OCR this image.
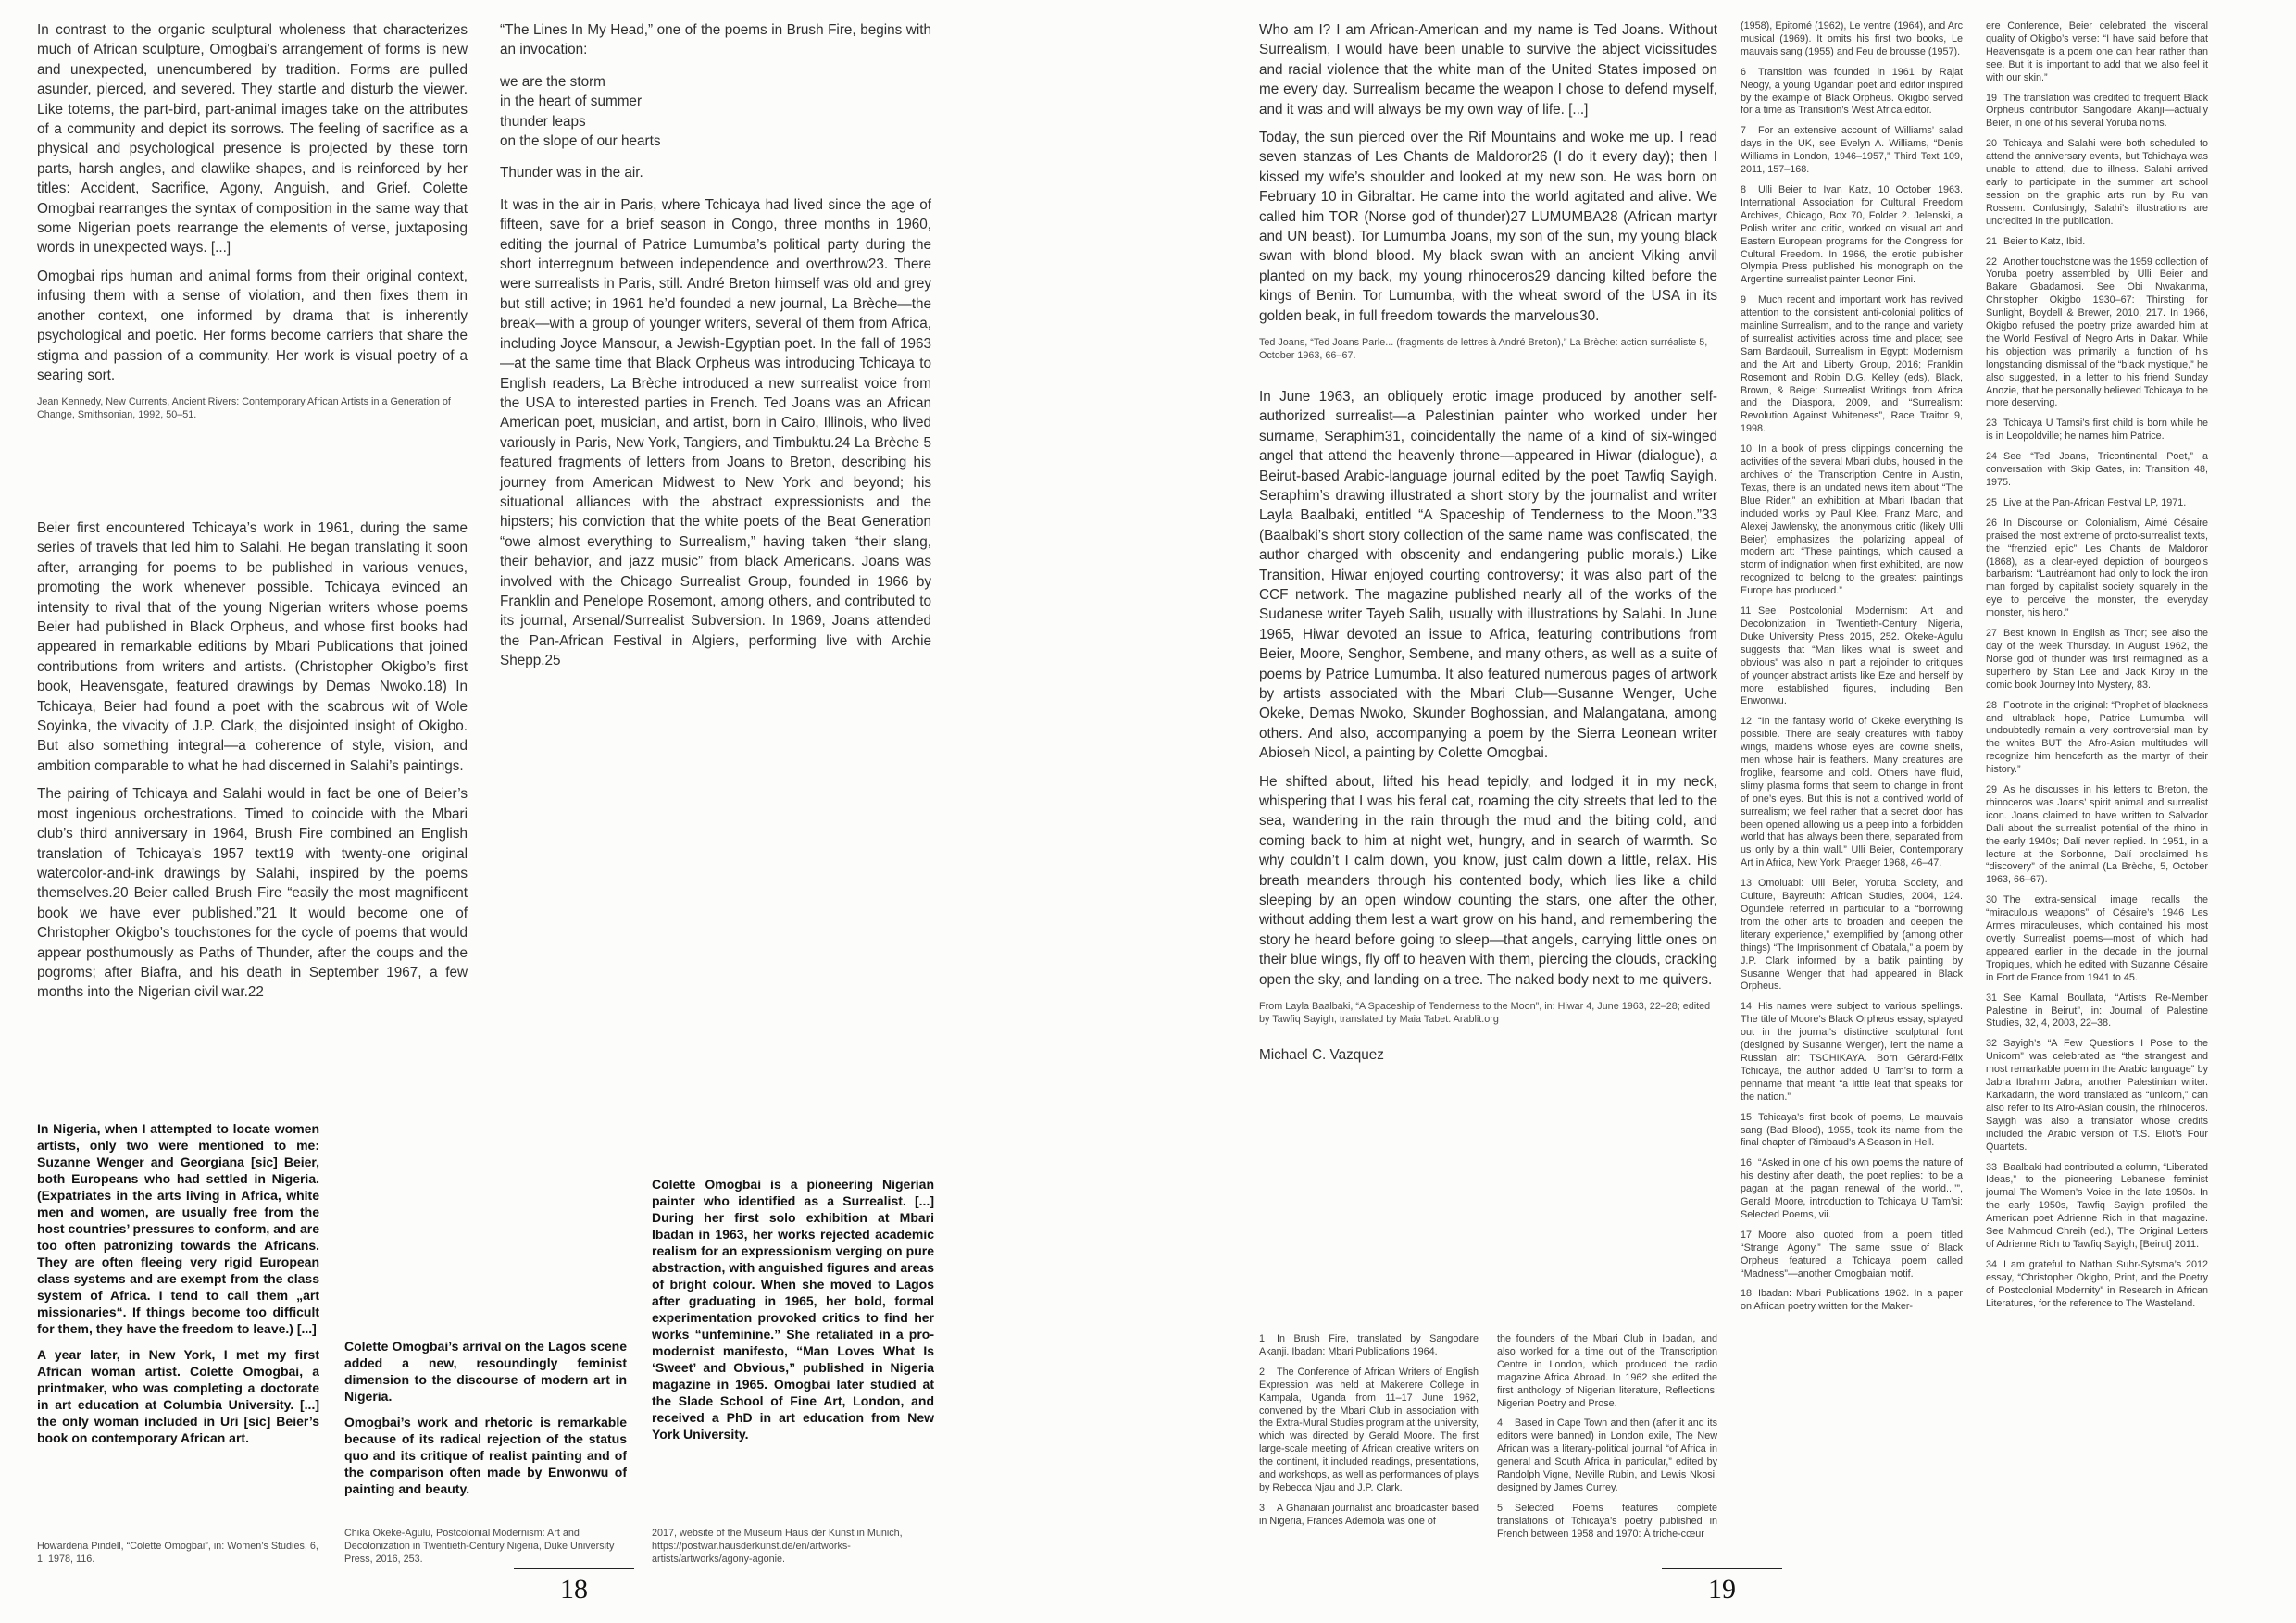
In contrast to the organic sculptural wholeness that characterizes much of African sculpture, Omogbai’s arrangement of forms is new and unexpected, unencumbered by tradition. Forms are pulled asunder, pierced, and severed. They startle and disturb the viewer. Like totems, the part-bird, part-animal images take on the attributes of a community and depict its sorrows. The feeling of sacrifice as a physical and psychological presence is projected by these torn parts, harsh angles, and clawlike shapes, and is reinforced by her titles: Accident, Sacrifice, Agony, Anguish, and Grief. Colette Omogbai rearranges the syntax of composition in the same way that some Nigerian poets rearrange the elements of verse, juxtaposing words in unexpected ways. [...]

Omogbai rips human and animal forms from their original context, infusing them with a sense of violation, and then fixes them in another context, one informed by drama that is inherently psychological and poetic. Her forms become carriers that share the stigma and passion of a community. Her work is visual poetry of a searing sort.

Jean Kennedy, New Currents, Ancient Rivers: Contemporary African Artists in a Generation of Change, Smithsonian, 1992, 50–51.

Beier first encountered Tchicaya’s work in 1961, during the same series of travels that led him to Salahi. He began translating it soon after, arranging for poems to be published in various venues, promoting the work whenever possible. Tchicaya evinced an intensity to rival that of the young Nigerian writers whose poems Beier had published in Black Orpheus, and whose first books had appeared in remarkable editions by Mbari Publications that joined contributions from writers and artists. (Christopher Okigbo’s first book, Heavensgate, featured drawings by Demas Nwoko.18) In Tchicaya, Beier had found a poet with the scabrous wit of Wole Soyinka, the vivacity of J.P. Clark, the disjointed insight of Okigbo. But also something integral—a coherence of style, vision, and ambition comparable to what he had discerned in Salahi’s paintings.

The pairing of Tchicaya and Salahi would in fact be one of Beier’s most ingenious orchestrations. Timed to coincide with the Mbari club’s third anniversary in 1964, Brush Fire combined an English translation of Tchicaya’s 1957 text19 with twenty-one original watercolor-and-ink drawings by Salahi, inspired by the poems themselves.20 Beier called Brush Fire “easily the most magnificent book we have ever published.”21 It would become one of Christopher Okigbo’s touchstones for the cycle of poems that would appear posthumously as Paths of Thunder, after the coups and the pogroms; after Biafra, and his death in September 1967, a few months into the Nigerian civil war.22

“The Lines In My Head,” one of the poems in Brush Fire, begins with an invocation:

we are the storm
in the heart of summer
thunder leaps
on the slope of our hearts

Thunder was in the air.

It was in the air in Paris, where Tchicaya had lived since the age of fifteen, save for a brief season in Congo, three months in 1960, editing the journal of Patrice Lumumba’s political party during the short interregnum between independence and overthrow23. There were surrealists in Paris, still. André Breton himself was old and grey but still active; in 1961 he’d founded a new journal, La Brèche—the break—with a group of younger writers, several of them from Africa, including Joyce Mansour, a Jewish-Egyptian poet. In the fall of 1963—at the same time that Black Orpheus was introducing Tchicaya to English readers, La Brèche introduced a new surrealist voice from the USA to interested parties in French. Ted Joans was an African American poet, musician, and artist, born in Cairo, Illinois, who lived variously in Paris, New York, Tangiers, and Timbuktu.24 La Brèche 5 featured fragments of letters from Joans to Breton, describing his journey from American Midwest to New York and beyond; his situational alliances with the abstract expressionists and the hipsters; his conviction that the white poets of the Beat Generation “owe almost everything to Surrealism,” having taken “their slang, their behavior, and jazz music” from black Americans. Joans was involved with the Chicago Surrealist Group, founded in 1966 by Franklin and Penelope Rosemont, among others, and contributed to its journal, Arsenal/Surrealist Subversion. In 1969, Joans attended the Pan-African Festival in Algiers, performing live with Archie Shepp.25

In Nigeria, when I attempted to locate women artists, only two were mentioned to me: Suzanne Wenger and Georgiana [sic] Beier, both Europeans who had settled in Nigeria. (Expatriates in the arts living in Africa, white men and women, are usually free from the host countries’ pressures to conform, and are too often patronizing towards the Africans. They are often fleeing very rigid European class systems and are exempt from the class system of Africa. I tend to call them „art missionaries“. If things become too difficult for them, they have the freedom to leave.) [...]

A year later, in New York, I met my first African woman artist. Colette Omogbai, a printmaker, who was completing a doctorate in art education at Columbia University. [...] the only woman included in Uri [sic] Beier’s book on contemporary African art.

Howardena Pindell, “Colette Omogbai”, in: Women’s Studies, 6, 1, 1978, 116.

Colette Omogbai’s arrival on the Lagos scene added a new, resoundingly feminist dimension to the discourse of modern art in Nigeria.

Omogbai’s work and rhetoric is remarkable because of its radical rejection of the status quo and its critique of realist painting and of the comparison often made by Enwonwu of painting and beauty.

Chika Okeke-Agulu, Postcolonial Modernism: Art and Decolonization in Twentieth-Century Nigeria, Duke University Press, 2016, 253.

Colette Omogbai is a pioneering Nigerian painter who identified as a Surrealist. [...] During her first solo exhibition at Mbari Ibadan in 1963, her works rejected academic realism for an expressionism verging on pure abstraction, with anguished figures and areas of bright colour. When she moved to Lagos after graduating in 1965, her bold, formal experimentation provoked critics to find her works “unfeminine.” She retaliated in a pro-modernist manifesto, “Man Loves What Is ‘Sweet’ and Obvious,” published in Nigeria magazine in 1965. Omogbai later studied at the Slade School of Fine Art, London, and received a PhD in art education from New York University.

2017, website of the Museum Haus der Kunst in Munich, https://postwar.hausderkunst.de/en/artworks-artists/artworks/agony-agonie.

18

Who am I? I am African-American and my name is Ted Joans. Without Surrealism, I would have been unable to survive the abject vicissitudes and racial violence that the white man of the United States imposed on me every day. Surrealism became the weapon I chose to defend myself, and it was and will always be my own way of life. [...]

Today, the sun pierced over the Rif Mountains and woke me up. I read seven stanzas of Les Chants de Maldoror26 (I do it every day); then I kissed my wife’s shoulder and looked at my new son. He was born on February 10 in Gibraltar. He came into the world agitated and alive. We called him TOR (Norse god of thunder)27 LUMUMBA28 (African martyr and UN beast). Tor Lumumba Joans, my son of the sun, my young black swan with blond blood. My black swan with an ancient Viking anvil planted on my back, my young rhinoceros29 dancing kilted before the kings of Benin. Tor Lumumba, with the wheat sword of the USA in its golden beak, in full freedom towards the marvelous30.

Ted Joans, “Ted Joans Parle... (fragments de lettres à André Breton),” La Brèche: action surréaliste 5, October 1963, 66–67.

In June 1963, an obliquely erotic image produced by another self-authorized surrealist—a Palestinian painter who worked under her surname, Seraphim31, coincidentally the name of a kind of six-winged angel that attend the heavenly throne—appeared in Hiwar (dialogue), a Beirut-based Arabic-language journal edited by the poet Tawfiq Sayigh. Seraphim’s drawing illustrated a short story by the journalist and writer Layla Baalbaki, entitled “A Spaceship of Tenderness to the Moon.”33 (Baalbaki’s short story collection of the same name was confiscated, the author charged with obscenity and endangering public morals.) Like Transition, Hiwar enjoyed courting controversy; it was also part of the CCF network. The magazine published nearly all of the works of the Sudanese writer Tayeb Salih, usually with illustrations by Salahi. In June 1965, Hiwar devoted an issue to Africa, featuring contributions from Beier, Moore, Senghor, Sembene, and many others, as well as a suite of poems by Patrice Lumumba. It also featured numerous pages of artwork by artists associated with the Mbari Club—Susanne Wenger, Uche Okeke, Demas Nwoko, Skunder Boghossian, and Malangatana, among others. And also, accompanying a poem by the Sierra Leonean writer Abioseh Nicol, a painting by Colette Omogbai.

He shifted about, lifted his head tepidly, and lodged it in my neck, whispering that I was his feral cat, roaming the city streets that led to the sea, wandering in the rain through the mud and the biting cold, and coming back to him at night wet, hungry, and in search of warmth. So why couldn’t I calm down, you know, just calm down a little, relax. His breath meanders through his contented body, which lies like a child sleeping by an open window counting the stars, one after the other, without adding them lest a wart grow on his hand, and remembering the story he heard before going to sleep—that angels, carrying little ones on their blue wings, fly off to heaven with them, piercing the clouds, cracking open the sky, and landing on a tree. The naked body next to me quivers.

From Layla Baalbaki, “A Spaceship of Tenderness to the Moon”, in: Hiwar 4, June 1963, 22–28; edited by Tawfiq Sayigh, translated by Maia Tabet. Arablit.org

Michael C. Vazquez

1 In Brush Fire, translated by Sangodare Akanji. Ibadan: Mbari Publications 1964.

2 The Conference of African Writers of English Expression was held at Makerere College in Kampala, Uganda from 11–17 June 1962, convened by the Mbari Club in association with the Extra-Mural Studies program at the university, which was directed by Gerald Moore. The first large-scale meeting of African creative writers on the continent, it included readings, presentations, and workshops, as well as performances of plays by Rebecca Njau and J.P. Clark.

3 A Ghanaian journalist and broadcaster based in Nigeria, Frances Ademola was one of

the founders of the Mbari Club in Ibadan, and also worked for a time out of the Transcription Centre in London, which produced the radio magazine Africa Abroad. In 1962 she edited the first anthology of Nigerian literature, Reflections: Nigerian Poetry and Prose.

4 Based in Cape Town and then (after it and its editors were banned) in London exile, The New African was a literary-political journal “of Africa in general and South Africa in particular,” edited by Randolph Vigne, Neville Rubin, and Lewis Nkosi, designed by James Currey.

5 Selected Poems features complete translations of Tchicaya’s poetry published in French between 1958 and 1970: À triche-cœur

(1958), Epitomé (1962), Le ventre (1964), and Arc musical (1969). It omits his first two books, Le mauvais sang (1955) and Feu de brousse (1957).

6 Transition was founded in 1961 by Rajat Neogy, a young Ugandan poet and editor inspired by the example of Black Orpheus. Okigbo served for a time as Transition’s West Africa editor.

7 For an extensive account of Williams’ salad days in the UK, see Evelyn A. Williams, “Denis Williams in London, 1946–1957,” Third Text 109, 2011, 157–168.

8 Ulli Beier to Ivan Katz, 10 October 1963. International Association for Cultural Freedom Archives, Chicago, Box 70, Folder 2. Jelenski, a Polish writer and critic, worked on visual art and Eastern European programs for the Congress for Cultural Freedom. In 1966, the erotic publisher Olympia Press published his monograph on the Argentine surrealist painter Leonor Fini.

9 Much recent and important work has revived attention to the consistent anti-colonial politics of mainline Surrealism, and to the range and variety of surrealist activities across time and place; see Sam Bardaouil, Surrealism in Egypt: Modernism and the Art and Liberty Group, 2016; Franklin Rosemont and Robin D.G. Kelley (eds), Black, Brown, & Beige: Surrealist Writings from Africa and the Diaspora, 2009, and “Surrealism: Revolution Against Whiteness”, Race Traitor 9, 1998.

10 In a book of press clippings concerning the activities of the several Mbari clubs, housed in the archives of the Transcription Centre in Austin, Texas, there is an undated news item about “The Blue Rider,” an exhibition at Mbari Ibadan that included works by Paul Klee, Franz Marc, and Alexej Jawlensky, the anonymous critic (likely Ulli Beier) emphasizes the polarizing appeal of modern art: “These paintings, which caused a storm of indignation when first exhibited, are now recognized to belong to the greatest paintings Europe has produced.”

11 See Postcolonial Modernism: Art and Decolonization in Twentieth-Century Nigeria, Duke University Press 2015, 252. Okeke-Agulu suggests that “Man likes what is sweet and obvious” was also in part a rejoinder to critiques of younger abstract artists like Eze and herself by more established figures, including Ben Enwonwu.

12 “In the fantasy world of Okeke everything is possible. There are sealy creatures with flabby wings, maidens whose eyes are cowrie shells, men whose hair is feathers. Many creatures are froglike, fearsome and cold. Others have fluid, slimy plasma forms that seem to change in front of one’s eyes. But this is not a contrived world of surrealism; we feel rather that a secret door has been opened allowing us a peep into a forbidden world that has always been there, separated from us only by a thin wall.” Ulli Beier, Contemporary Art in Africa, New York: Praeger 1968, 46–47.

13 Omoluabi: Ulli Beier, Yoruba Society, and Culture, Bayreuth: African Studies, 2004, 124. Ogundele referred in particular to a “borrowing from the other arts to broaden and deepen the literary experience,” exemplified by (among other things) “The Imprisonment of Obatala,” a poem by J.P. Clark informed by a batik painting by Susanne Wenger that had appeared in Black Orpheus.

14 His names were subject to various spellings. The title of Moore’s Black Orpheus essay, splayed out in the journal’s distinctive sculptural font (designed by Susanne Wenger), lent the name a Russian air: TSCHIKAYA. Born Gérard-Félix Tchicaya, the author added U Tam’si to form a penname that meant “a little leaf that speaks for the nation.”

15 Tchicaya’s first book of poems, Le mauvais sang (Bad Blood), 1955, took its name from the final chapter of Rimbaud’s A Season in Hell.

16 “Asked in one of his own poems the nature of his destiny after death, the poet replies: ‘to be a pagan at the pagan renewal of the world...’”, Gerald Moore, introduction to Tchicaya U Tam’si: Selected Poems, vii.

17 Moore also quoted from a poem titled “Strange Agony.” The same issue of Black Orpheus featured a Tchicaya poem called “Madness”—another Omogbaian motif.

18 Ibadan: Mbari Publications 1962. In a paper on African poetry written for the Maker-

ere Conference, Beier celebrated the visceral quality of Okigbo’s verse: “I have said before that Heavensgate is a poem one can hear rather than see. But it is important to add that we also feel it with our skin.”

19 The translation was credited to frequent Black Orpheus contributor Sangodare Akanji—actually Beier, in one of his several Yoruba noms.

20 Tchicaya and Salahi were both scheduled to attend the anniversary events, but Tchichaya was unable to attend, due to illness. Salahi arrived early to participate in the summer art school session on the graphic arts run by Ru van Rossem. Confusingly, Salahi’s illustrations are uncredited in the publication.

21 Beier to Katz, Ibid.

22 Another touchstone was the 1959 collection of Yoruba poetry assembled by Ulli Beier and Bakare Gbadamosi. See Obi Nwakanma, Christopher Okigbo 1930–67: Thirsting for Sunlight, Boydell & Brewer, 2010, 217. In 1966, Okigbo refused the poetry prize awarded him at the World Festival of Negro Arts in Dakar. While his objection was primarily a function of his longstanding dismissal of the “black mystique,” he also suggested, in a letter to his friend Sunday Anozie, that he personally believed Tchicaya to be more deserving.

23 Tchicaya U Tamsi’s first child is born while he is in Leopoldville; he names him Patrice.

24 See “Ted Joans, Tricontinental Poet,” a conversation with Skip Gates, in: Transition 48, 1975.

25 Live at the Pan-African Festival LP, 1971.

26 In Discourse on Colonialism, Aimé Césaire praised the most extreme of proto-surrealist texts, the “frenzied epic” Les Chants de Maldoror (1868), as a clear-eyed depiction of bourgeois barbarism: “Lautréamont had only to look the iron man forged by capitalist society squarely in the eye to perceive the monster, the everyday monster, his hero.”

27 Best known in English as Thor; see also the day of the week Thursday. In August 1962, the Norse god of thunder was first reimagined as a superhero by Stan Lee and Jack Kirby in the comic book Journey Into Mystery, 83.

28 Footnote in the original: “Prophet of blackness and ultrablack hope, Patrice Lumumba will undoubtedly remain a very controversial man by the whites BUT the Afro-Asian multitudes will recognize him henceforth as the martyr of their history.”

29 As he discusses in his letters to Breton, the rhinoceros was Joans’ spirit animal and surrealist icon. Joans claimed to have written to Salvador Dalí about the surrealist potential of the rhino in the early 1940s; Dalí never replied. In 1951, in a lecture at the Sorbonne, Dalí proclaimed his “discovery” of the animal (La Brèche, 5, October 1963, 66–67).

30 The extra-sensical image recalls the “miraculous weapons” of Césaire’s 1946 Les Armes miraculeuses, which contained his most overtly Surrealist poems—most of which had appeared earlier in the decade in the journal Tropiques, which he edited with Suzanne Césaire in Fort de France from 1941 to 45.

31 See Kamal Boullata, “Artists Re-Member Palestine in Beirut”, in: Journal of Palestine Studies, 32, 4, 2003, 22–38.

32 Sayigh’s “A Few Questions I Pose to the Unicorn” was celebrated as “the strangest and most remarkable poem in the Arabic language” by Jabra Ibrahim Jabra, another Palestinian writer. Karkadann, the word translated as “unicorn,” can also refer to its Afro-Asian cousin, the rhinoceros. Sayigh was also a translator whose credits included the Arabic version of T.S. Eliot’s Four Quartets.

33 Baalbaki had contributed a column, “Liberated Ideas,” to the pioneering Lebanese feminist journal The Women’s Voice in the late 1950s. In the early 1950s, Tawfiq Sayigh profiled the American poet Adrienne Rich in that magazine. See Mahmoud Chreih (ed.), The Original Letters of Adrienne Rich to Tawfiq Sayigh, [Beirut] 2011.

34 I am grateful to Nathan Suhr-Sytsma’s 2012 essay, “Christopher Okigbo, Print, and the Poetry of Postcolonial Modernity” in Research in African Literatures, for the reference to The Wasteland.

19
